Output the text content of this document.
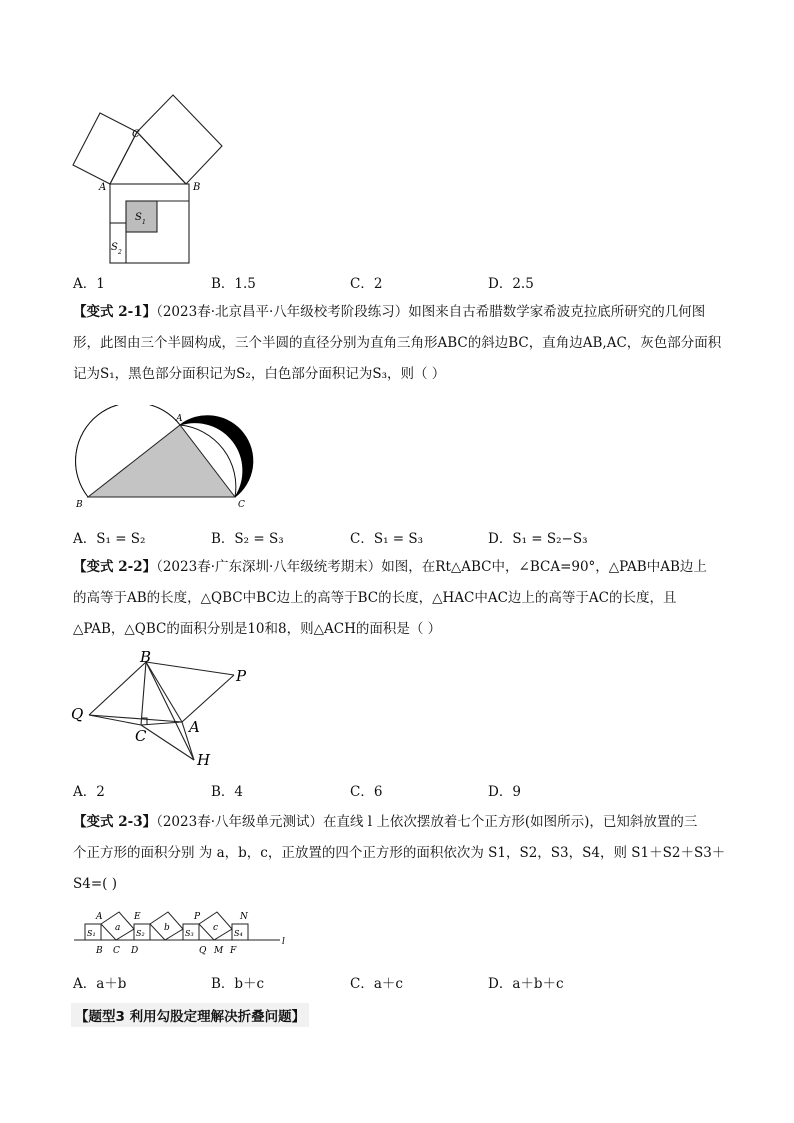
C
A	B
S 1
S 2
A．1	B．1.5	C．2	D．2.5
【变式 2-1】（2023春·北京昌平·八年级校考阶段练习）如图来自古希腊数学家希波克拉底所研究的几何图
形，此图由三个半圆构成，三个半圆的直径分别为直角三角形ABC的斜边BC，直角边AB,AC，灰色部分面积
记为S₁，黑色部分面积记为S₂，白色部分面积记为S₃，则（ ）
A
B	C
A．S₁ = S₂	B．S₂ = S₃	C．S₁ = S₃	D．S₁ = S₂−S₃
【变式 2-2】（2023春·广东深圳·八年级统考期末）如图，在Rt△ABC中，∠BCA=90°，△PAB中AB边上
的高等于AB的长度，△QBC中BC边上的高等于BC的长度，△HAC中AC边上的高等于AC的长度，且
△PAB，△QBC的面积分别是10和8，则△ACH的面积是（ ）
B
P
Q
A
C
H
A．2	B．4	C．6	D．9
【变式 2-3】（2023春·八年级单元测试）在直线 l 上依次摆放着七个正方形(如图所示)，已知斜放置的三
个正方形的面积分别 为 a，b，c，正放置的四个正方形的面积依次为 S1，S2，S3，S4，则 S1＋S2＋S3＋
S4=( )
A	E	P	N
a	b	c
S₁	S₂	S₃	S₄
B C D	Q M F
l
A．a＋b	B．b＋c	C．a＋c	D．a＋b＋c
【题型3 利用勾股定理解决折叠问题】
